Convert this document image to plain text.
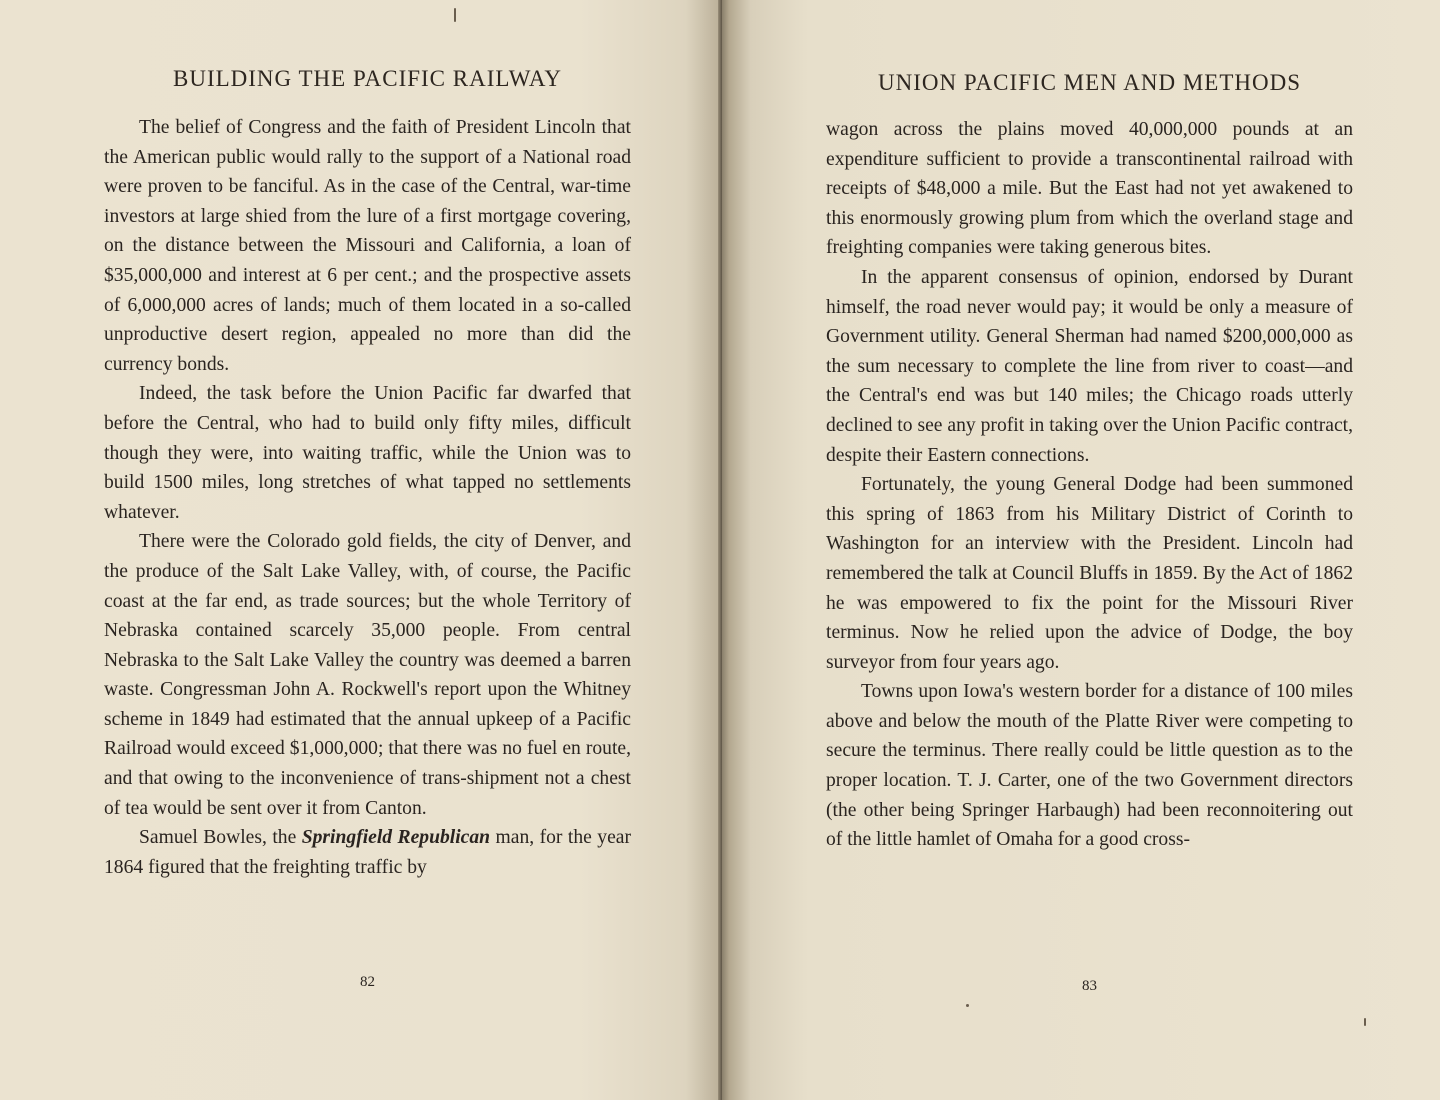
BUILDING THE PACIFIC RAILWAY

The belief of Congress and the faith of President Lincoln that the American public would rally to the support of a National road were proven to be fanciful. As in the case of the Central, war-time investors at large shied from the lure of a first mortgage covering, on the distance between the Missouri and California, a loan of $35,000,000 and interest at 6 per cent.; and the prospective assets of 6,000,000 acres of lands; much of them located in a so-called unproductive desert region, appealed no more than did the currency bonds.

Indeed, the task before the Union Pacific far dwarfed that before the Central, who had to build only fifty miles, difficult though they were, into waiting traffic, while the Union was to build 1500 miles, long stretches of what tapped no settlements whatever.

There were the Colorado gold fields, the city of Denver, and the produce of the Salt Lake Valley, with, of course, the Pacific coast at the far end, as trade sources; but the whole Territory of Nebraska contained scarcely 35,000 people. From central Nebraska to the Salt Lake Valley the country was deemed a barren waste. Congressman John A. Rockwell's report upon the Whitney scheme in 1849 had estimated that the annual upkeep of a Pacific Railroad would exceed $1,000,000; that there was no fuel en route, and that owing to the inconvenience of trans-shipment not a chest of tea would be sent over it from Canton.

Samuel Bowles, the Springfield Republican man, for the year 1864 figured that the freighting traffic by

82
UNION PACIFIC MEN AND METHODS

wagon across the plains moved 40,000,000 pounds at an expenditure sufficient to provide a transcontinental railroad with receipts of $48,000 a mile. But the East had not yet awakened to this enormously growing plum from which the overland stage and freighting companies were taking generous bites.

In the apparent consensus of opinion, endorsed by Durant himself, the road never would pay; it would be only a measure of Government utility. General Sherman had named $200,000,000 as the sum necessary to complete the line from river to coast—and the Central's end was but 140 miles; the Chicago roads utterly declined to see any profit in taking over the Union Pacific contract, despite their Eastern connections.

Fortunately, the young General Dodge had been summoned this spring of 1863 from his Military District of Corinth to Washington for an interview with the President. Lincoln had remembered the talk at Council Bluffs in 1859. By the Act of 1862 he was empowered to fix the point for the Missouri River terminus. Now he relied upon the advice of Dodge, the boy surveyor from four years ago.

Towns upon Iowa's western border for a distance of 100 miles above and below the mouth of the Platte River were competing to secure the terminus. There really could be little question as to the proper location. T. J. Carter, one of the two Government directors (the other being Springer Harbaugh) had been reconnoitering out of the little hamlet of Omaha for a good cross-

83
